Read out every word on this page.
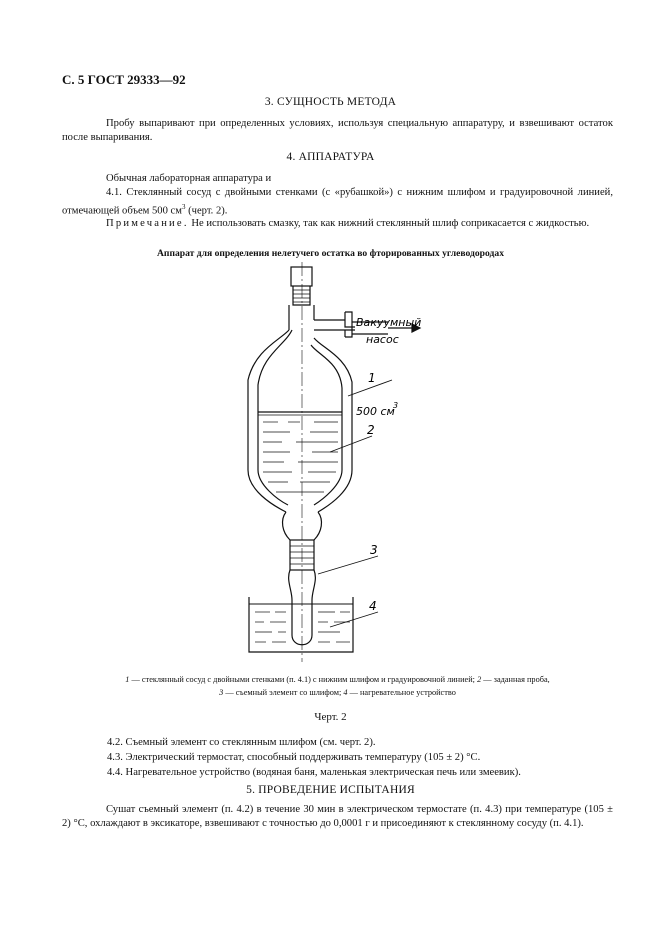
С. 5 ГОСТ 29333—92
3. СУЩНОСТЬ МЕТОДА
Пробу выпаривают при определенных условиях, используя специальную аппаратуру, и взвешивают остаток после выпаривания.
4. АППАРАТУРА
Обычная лабораторная аппаратура и
4.1. Стеклянный сосуд с двойными стенками (с «рубашкой») с нижним шлифом и градуировочной линией, отмечающей объем 500 $см^3$ (черт. 2).
Примечание. Не использовать смазку, так как нижний стеклянный шлиф соприкасается с жидкостью.
Аппарат для определения нелетучего остатка во фторированных углеводородах
Вакуумный
насос
1
500 см
3
2
3
4
1 — стеклянный сосуд с двойными стенками (п. 4.1) с нижним шлифом и градуировочной линией; 2 — заданная проба,
3 — съемный элемент со шлифом; 4 — нагревательное устройство
Черт. 2
4.2. Съемный элемент со стеклянным шлифом (см. черт. 2).
4.3. Электрический термостат, способный поддерживать температуру (105 ± 2) °С.
4.4. Нагревательное устройство (водяная баня, маленькая электрическая печь или змеевик).
5. ПРОВЕДЕНИЕ ИСПЫТАНИЯ
Сушат съемный элемент (п. 4.2) в течение 30 мин в электрическом термостате (п. 4.3) при температуре (105 ± 2) °С, охлаждают в эксикаторе, взвешивают с точностью до 0,0001 г и присоединяют к стеклянному сосуду (п. 4.1).
